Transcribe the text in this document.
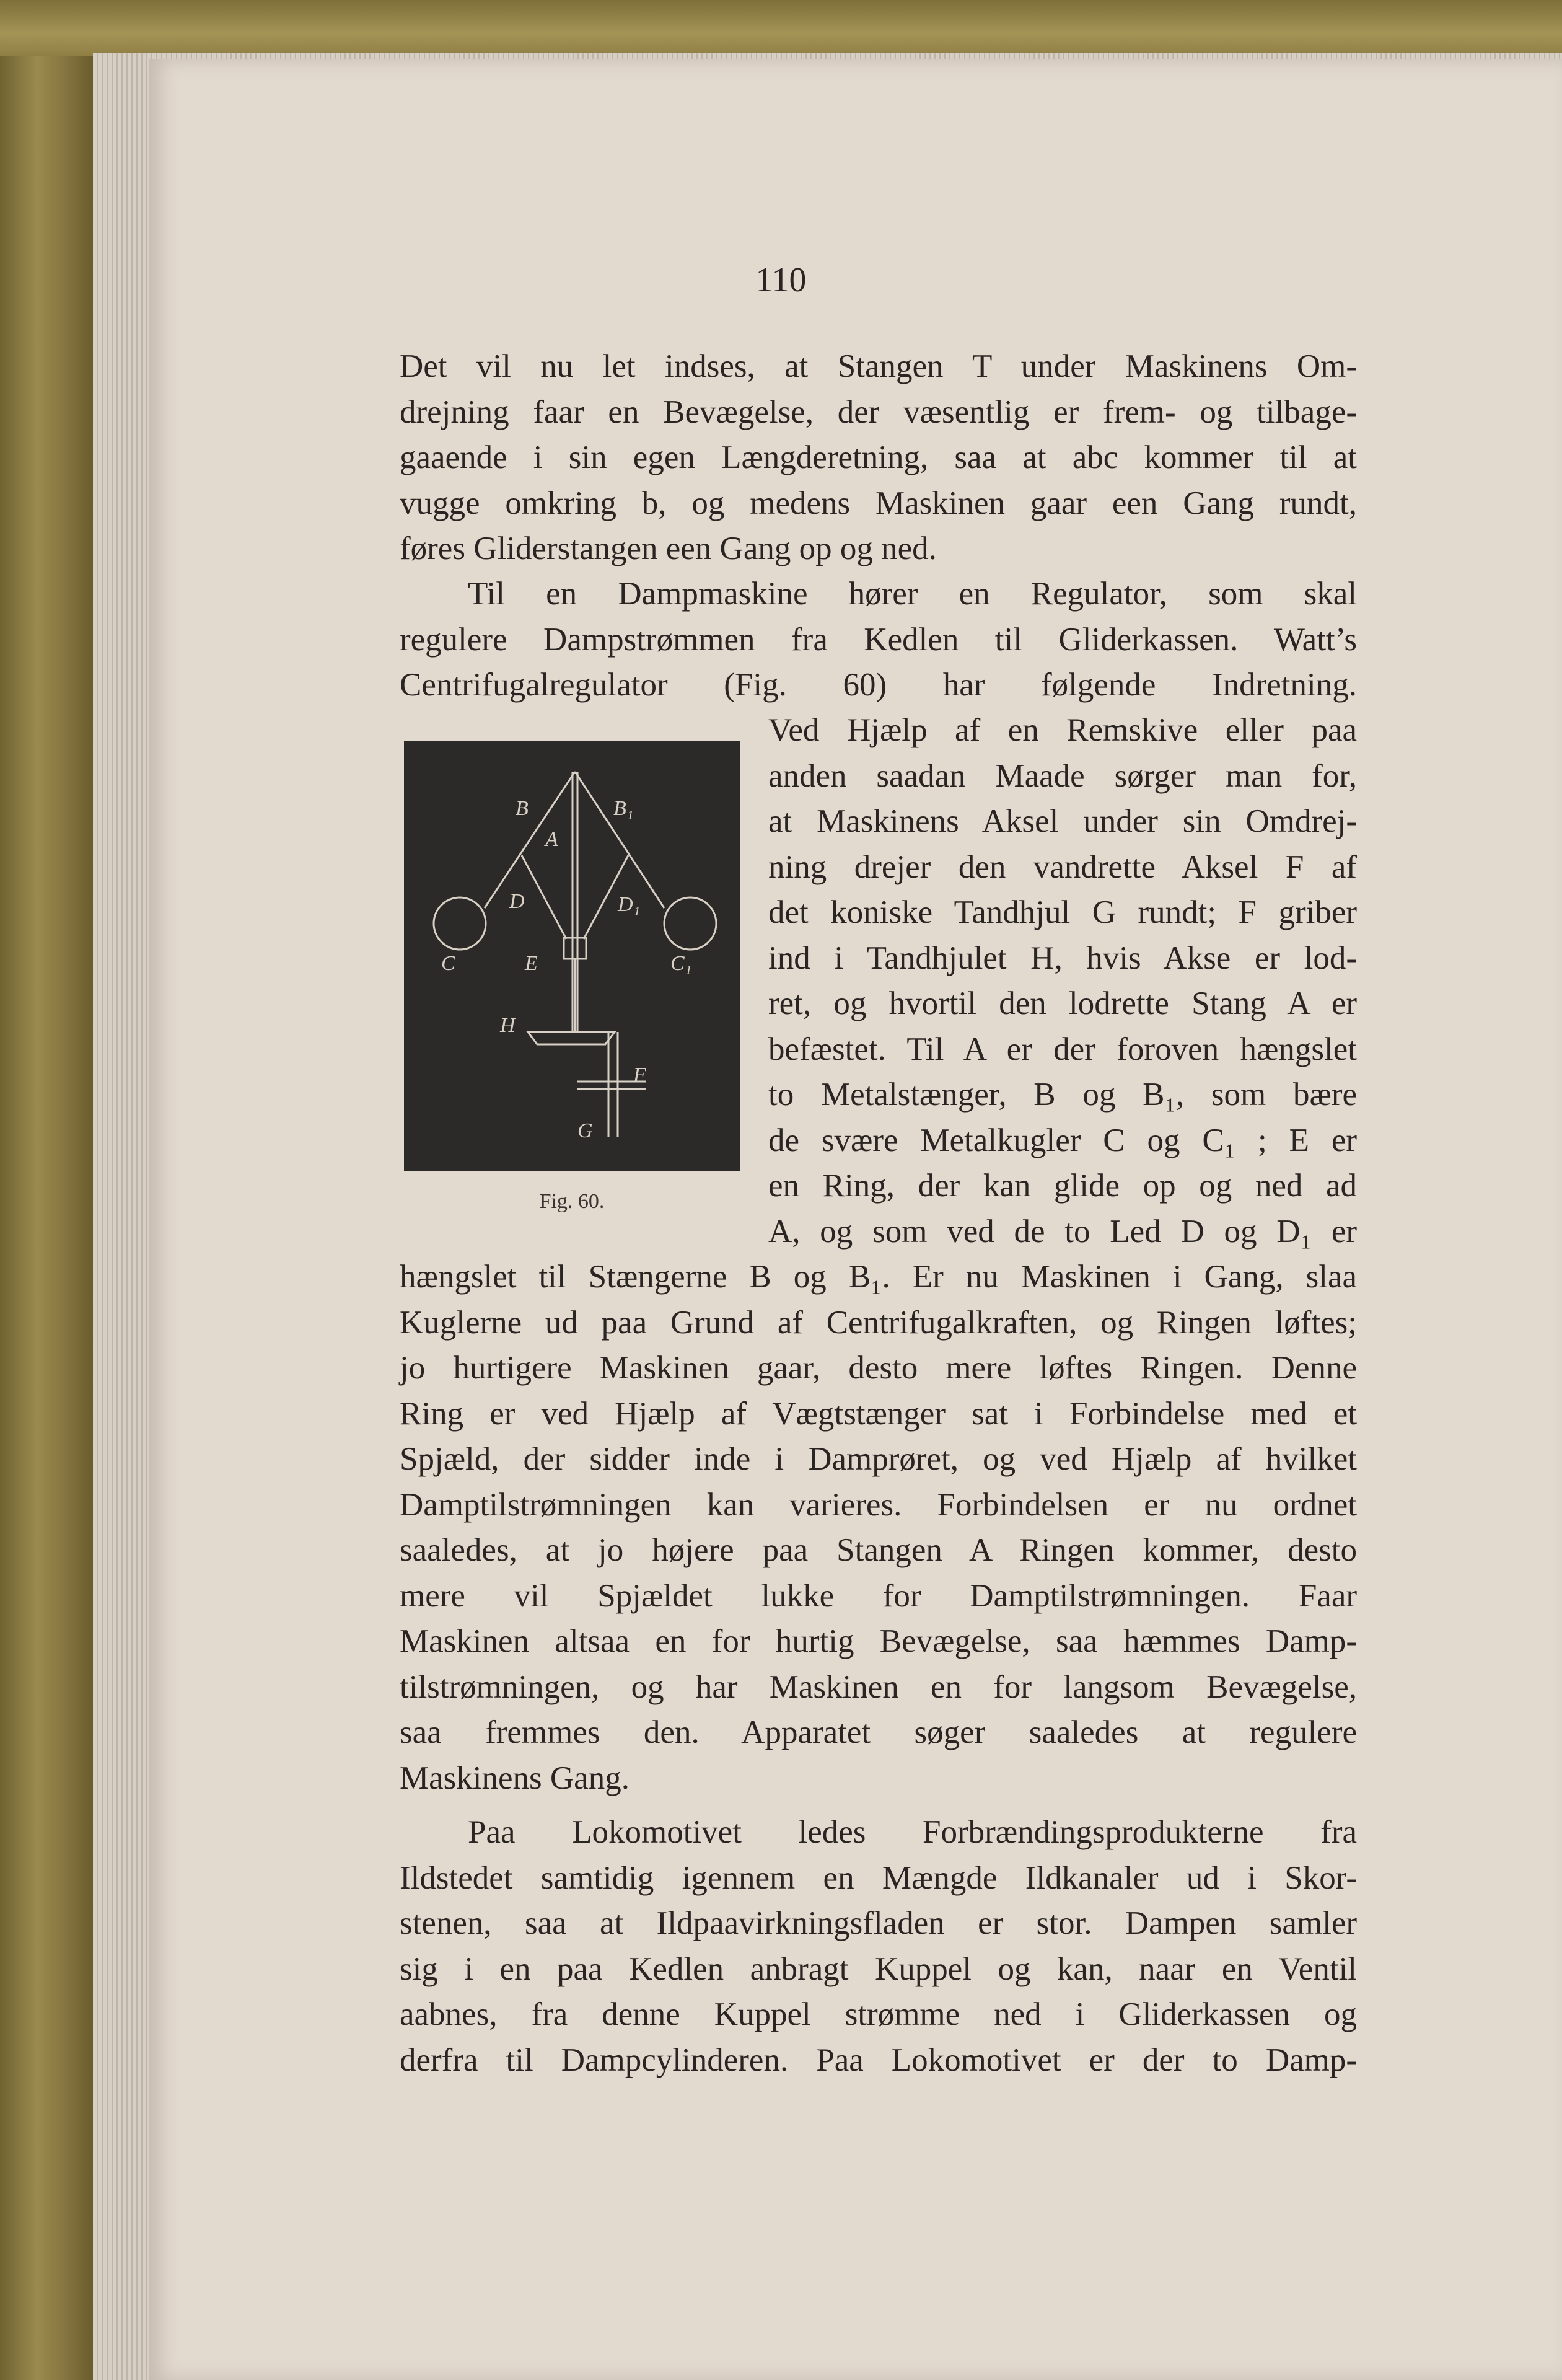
110
Det vil nu let indses, at Stangen T under Maskinens Om-
drejning faar en Bevægelse, der væsentlig er frem- og tilbage-
gaaende i sin egen Længderetning, saa at abc kommer til at
vugge omkring b, og medens Maskinen gaar een Gang rundt,
føres Gliderstangen een Gang op og ned.
Til en Dampmaskine hører en Regulator, som skal
regulere Dampstrømmen fra Kedlen til Gliderkassen. Watt’s
Centrifugalregulator (Fig. 60) har følgende Indretning.
B	B₁
A
D	D₁
C	C₁
E
H
F
G
Fig. 60.
Ved Hjælp af en Remskive eller paa
anden saadan Maade sørger man for,
at Maskinens Aksel under sin Omdrej-
ning drejer den vandrette Aksel F af
det koniske Tandhjul G rundt; F griber
ind i Tandhjulet H, hvis Akse er lod-
ret, og hvortil den lodrette Stang A er
befæstet. Til A er der foroven hængslet
to Metalstænger, B og B₁, som bære
de svære Metalkugler C og C₁ ; E er
en Ring, der kan glide op og ned ad
A, og som ved de to Led D og D₁ er
hængslet til Stængerne B og B₁. Er nu Maskinen i Gang, slaa
Kuglerne ud paa Grund af Centrifugalkraften, og Ringen løftes;
jo hurtigere Maskinen gaar, desto mere løftes Ringen. Denne
Ring er ved Hjælp af Vægtstænger sat i Forbindelse med et
Spjæld, der sidder inde i Damprøret, og ved Hjælp af hvilket
Damptilstrømningen kan varieres. Forbindelsen er nu ordnet
saaledes, at jo højere paa Stangen A Ringen kommer, desto
mere vil Spjældet lukke for Damptilstrømningen. Faar
Maskinen altsaa en for hurtig Bevægelse, saa hæmmes Damp-
tilstrømningen, og har Maskinen en for langsom Bevægelse,
saa fremmes den. Apparatet søger saaledes at regulere
Maskinens Gang.
Paa Lokomotivet ledes Forbrændingsprodukterne fra
Ildstedet samtidig igennem en Mængde Ildkanaler ud i Skor-
stenen, saa at Ildpaavirkningsfladen er stor. Dampen samler
sig i en paa Kedlen anbragt Kuppel og kan, naar en Ventil
aabnes, fra denne Kuppel strømme ned i Gliderkassen og
derfra til Dampcylinderen. Paa Lokomotivet er der to Damp-
